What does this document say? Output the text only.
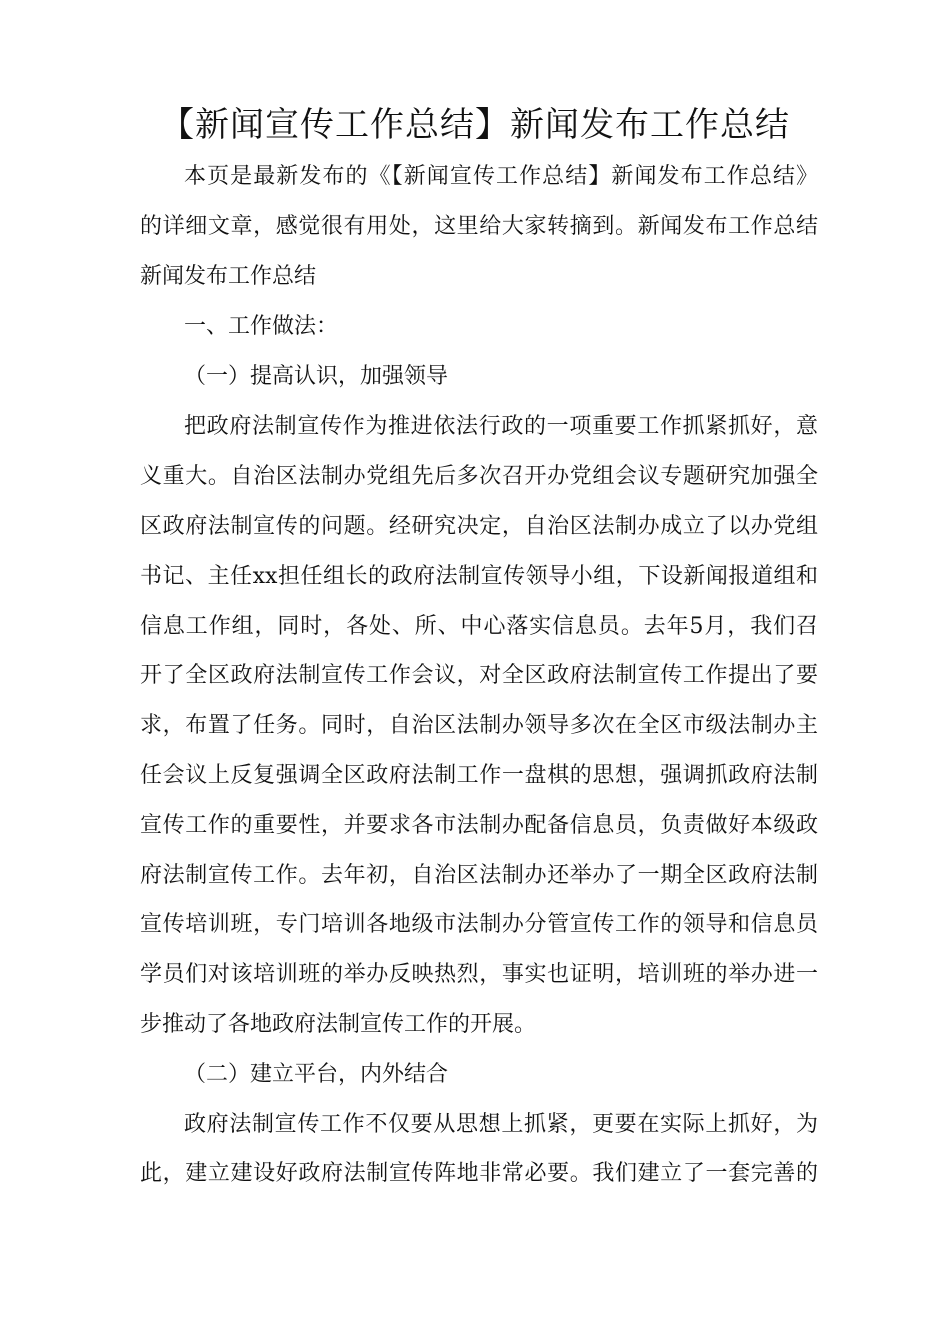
【新闻宣传工作总结】新闻发布工作总结

本页是最新发布的《【新闻宣传工作总结】新闻发布工作总结》

的详细文章，感觉很有用处，这里给大家转摘到。新闻发布工作总结

新闻发布工作总结

一、工作做法：

（一）提高认识，加强领导

把政府法制宣传作为推进依法行政的一项重要工作抓紧抓好，意

义重大。自治区法制办党组先后多次召开办党组会议专题研究加强全

区政府法制宣传的问题。经研究决定，自治区法制办成立了以办党组

书记、主任xx担任组长的政府法制宣传领导小组，下设新闻报道组和

信息工作组，同时，各处、所、中心落实信息员。去年5月，我们召

开了全区政府法制宣传工作会议，对全区政府法制宣传工作提出了要

求，布置了任务。同时，自治区法制办领导多次在全区市级法制办主

任会议上反复强调全区政府法制工作一盘棋的思想，强调抓政府法制

宣传工作的重要性，并要求各市法制办配备信息员，负责做好本级政

府法制宣传工作。去年初，自治区法制办还举办了一期全区政府法制

宣传培训班，专门培训各地级市法制办分管宣传工作的领导和信息员

学员们对该培训班的举办反映热烈，事实也证明，培训班的举办进一

步推动了各地政府法制宣传工作的开展。

（二）建立平台，内外结合

政府法制宣传工作不仅要从思想上抓紧，更要在实际上抓好，为

此，建立建设好政府法制宣传阵地非常必要。我们建立了一套完善的
